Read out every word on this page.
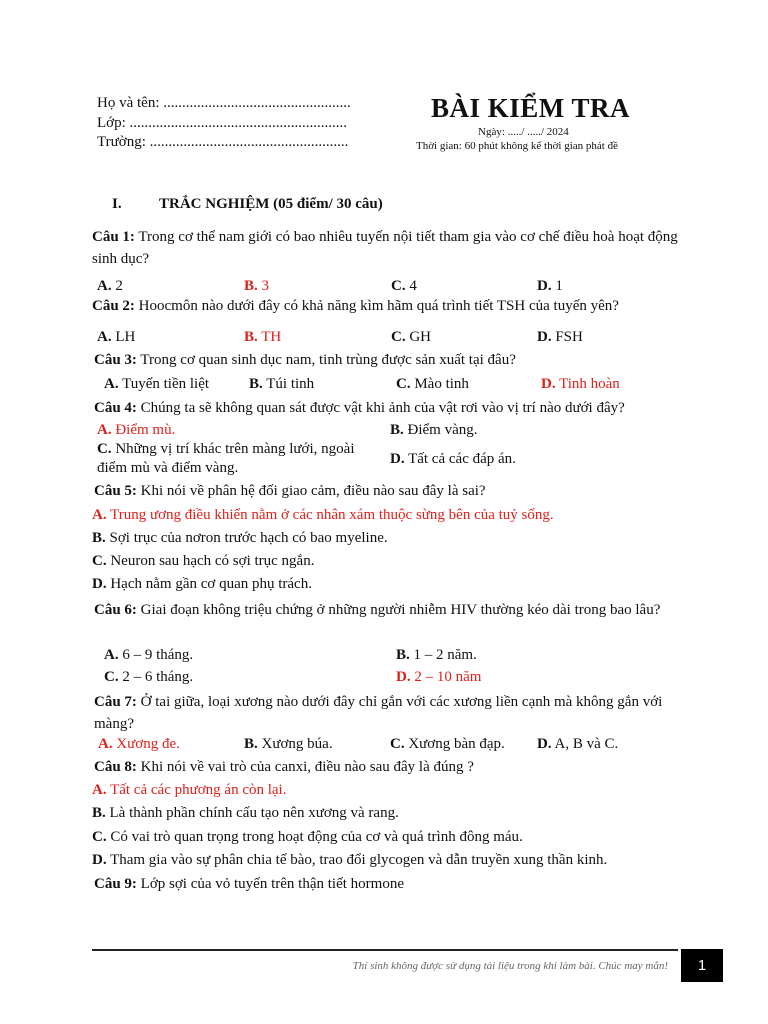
Họ và tên: ..................................................
Lớp: ..........................................................
Trường: .....................................................
BÀI KIỂM TRA
Ngày: ...../ ...../ 2024
Thời gian: 60 phút không kể thời gian phát đề
I. TRẮC NGHIỆM (05 điểm/ 30 câu)
Câu 1: Trong cơ thể nam giới có bao nhiêu tuyến nội tiết tham gia vào cơ chế điều hoà hoạt động sinh dục?
A. 2	B. 3	C. 4	D. 1
Câu 2: Hoocmôn nào dưới đây có khả năng kìm hãm quá trình tiết TSH của tuyến yên?
A. LH	B. TH	C. GH	D. FSH
Câu 3: Trong cơ quan sinh dục nam, tinh trùng được sản xuất tại đâu?
A. Tuyến tiền liệt	B. Túi tinh	C. Mào tinh	D. Tinh hoàn
Câu 4: Chúng ta sẽ không quan sát được vật khi ảnh của vật rơi vào vị trí nào dưới đây?
A. Điểm mù.	B. Điểm vàng.
C. Những vị trí khác trên màng lưới, ngoài điểm mù và điểm vàng.
D. Tất cả các đáp án.
Câu 5: Khi nói về phân hệ đối giao cảm, điều nào sau đây là sai?
A. Trung ương điều khiển nằm ở các nhân xám thuộc sừng bên của tuỷ sống.
B. Sợi trục của nơron trước hạch có bao myeline.
C. Neuron sau hạch có sợi trục ngắn.
D. Hạch nằm gần cơ quan phụ trách.
Câu 6: Giai đoạn không triệu chứng ở những người nhiễm HIV thường kéo dài trong bao lâu?
A. 6 – 9 tháng.	B. 1 – 2 năm.
C. 2 – 6 tháng.	D. 2 – 10 năm
Câu 7: Ở tai giữa, loại xương nào dưới đây chỉ gắn với các xương liền cạnh mà không gắn với màng?
A. Xương đe.	B. Xương búa.	C. Xương bàn đạp. D. A, B và C.
Câu 8: Khi nói về vai trò của canxi, điều nào sau đây là đúng ?
A. Tất cả các phương án còn lại.
B. Là thành phần chính cấu tạo nên xương và rang.
C. Có vai trò quan trọng trong hoạt động của cơ và quá trình đông máu.
D. Tham gia vào sự phân chia tế bào, trao đổi glycogen và dẫn truyền xung thần kinh.
Câu 9: Lớp sợi của vỏ tuyến trên thận tiết hormone
Thí sinh không được sử dụng tài liệu trong khi làm bài. Chúc may mắn!	1
